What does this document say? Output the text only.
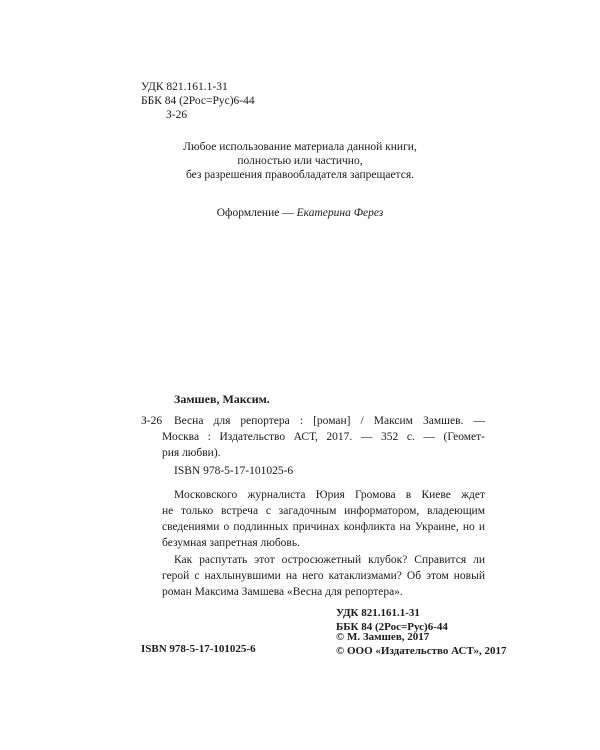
УДК 821.161.1-31
ББК 84 (2Рос=Рус)6-44
З-26
Любое использование материала данной книги,
полностью или частично,
без разрешения правообладателя запрещается.
Оформление — Екатерина Ферез
Замшев, Максим.
З-26 Весна для репортера : [роман] / Максим Замшев. —
Москва : Издательство АСТ, 2017. — 352 с. — (Геомет-
рия любви).
ISBN 978-5-17-101025-6
Московского журналиста Юрия Громова в Киеве ждет
не только встреча с загадочным информатором, владеющим
сведениями о подлинных причинах конфликта на Украине, но и
безумная запретная любовь.
Как распутать этот остросюжетный клубок? Справится ли
герой с нахлынувшими на него катаклизмами? Об этом новый
роман Максима Замшева «Весна для репортера».
УДК 821.161.1-31
ББК 84 (2Рос=Рус)6-44
ISBN 978-5-17-101025-6
© М. Замшев, 2017
© ООО «Издательство АСТ», 2017
